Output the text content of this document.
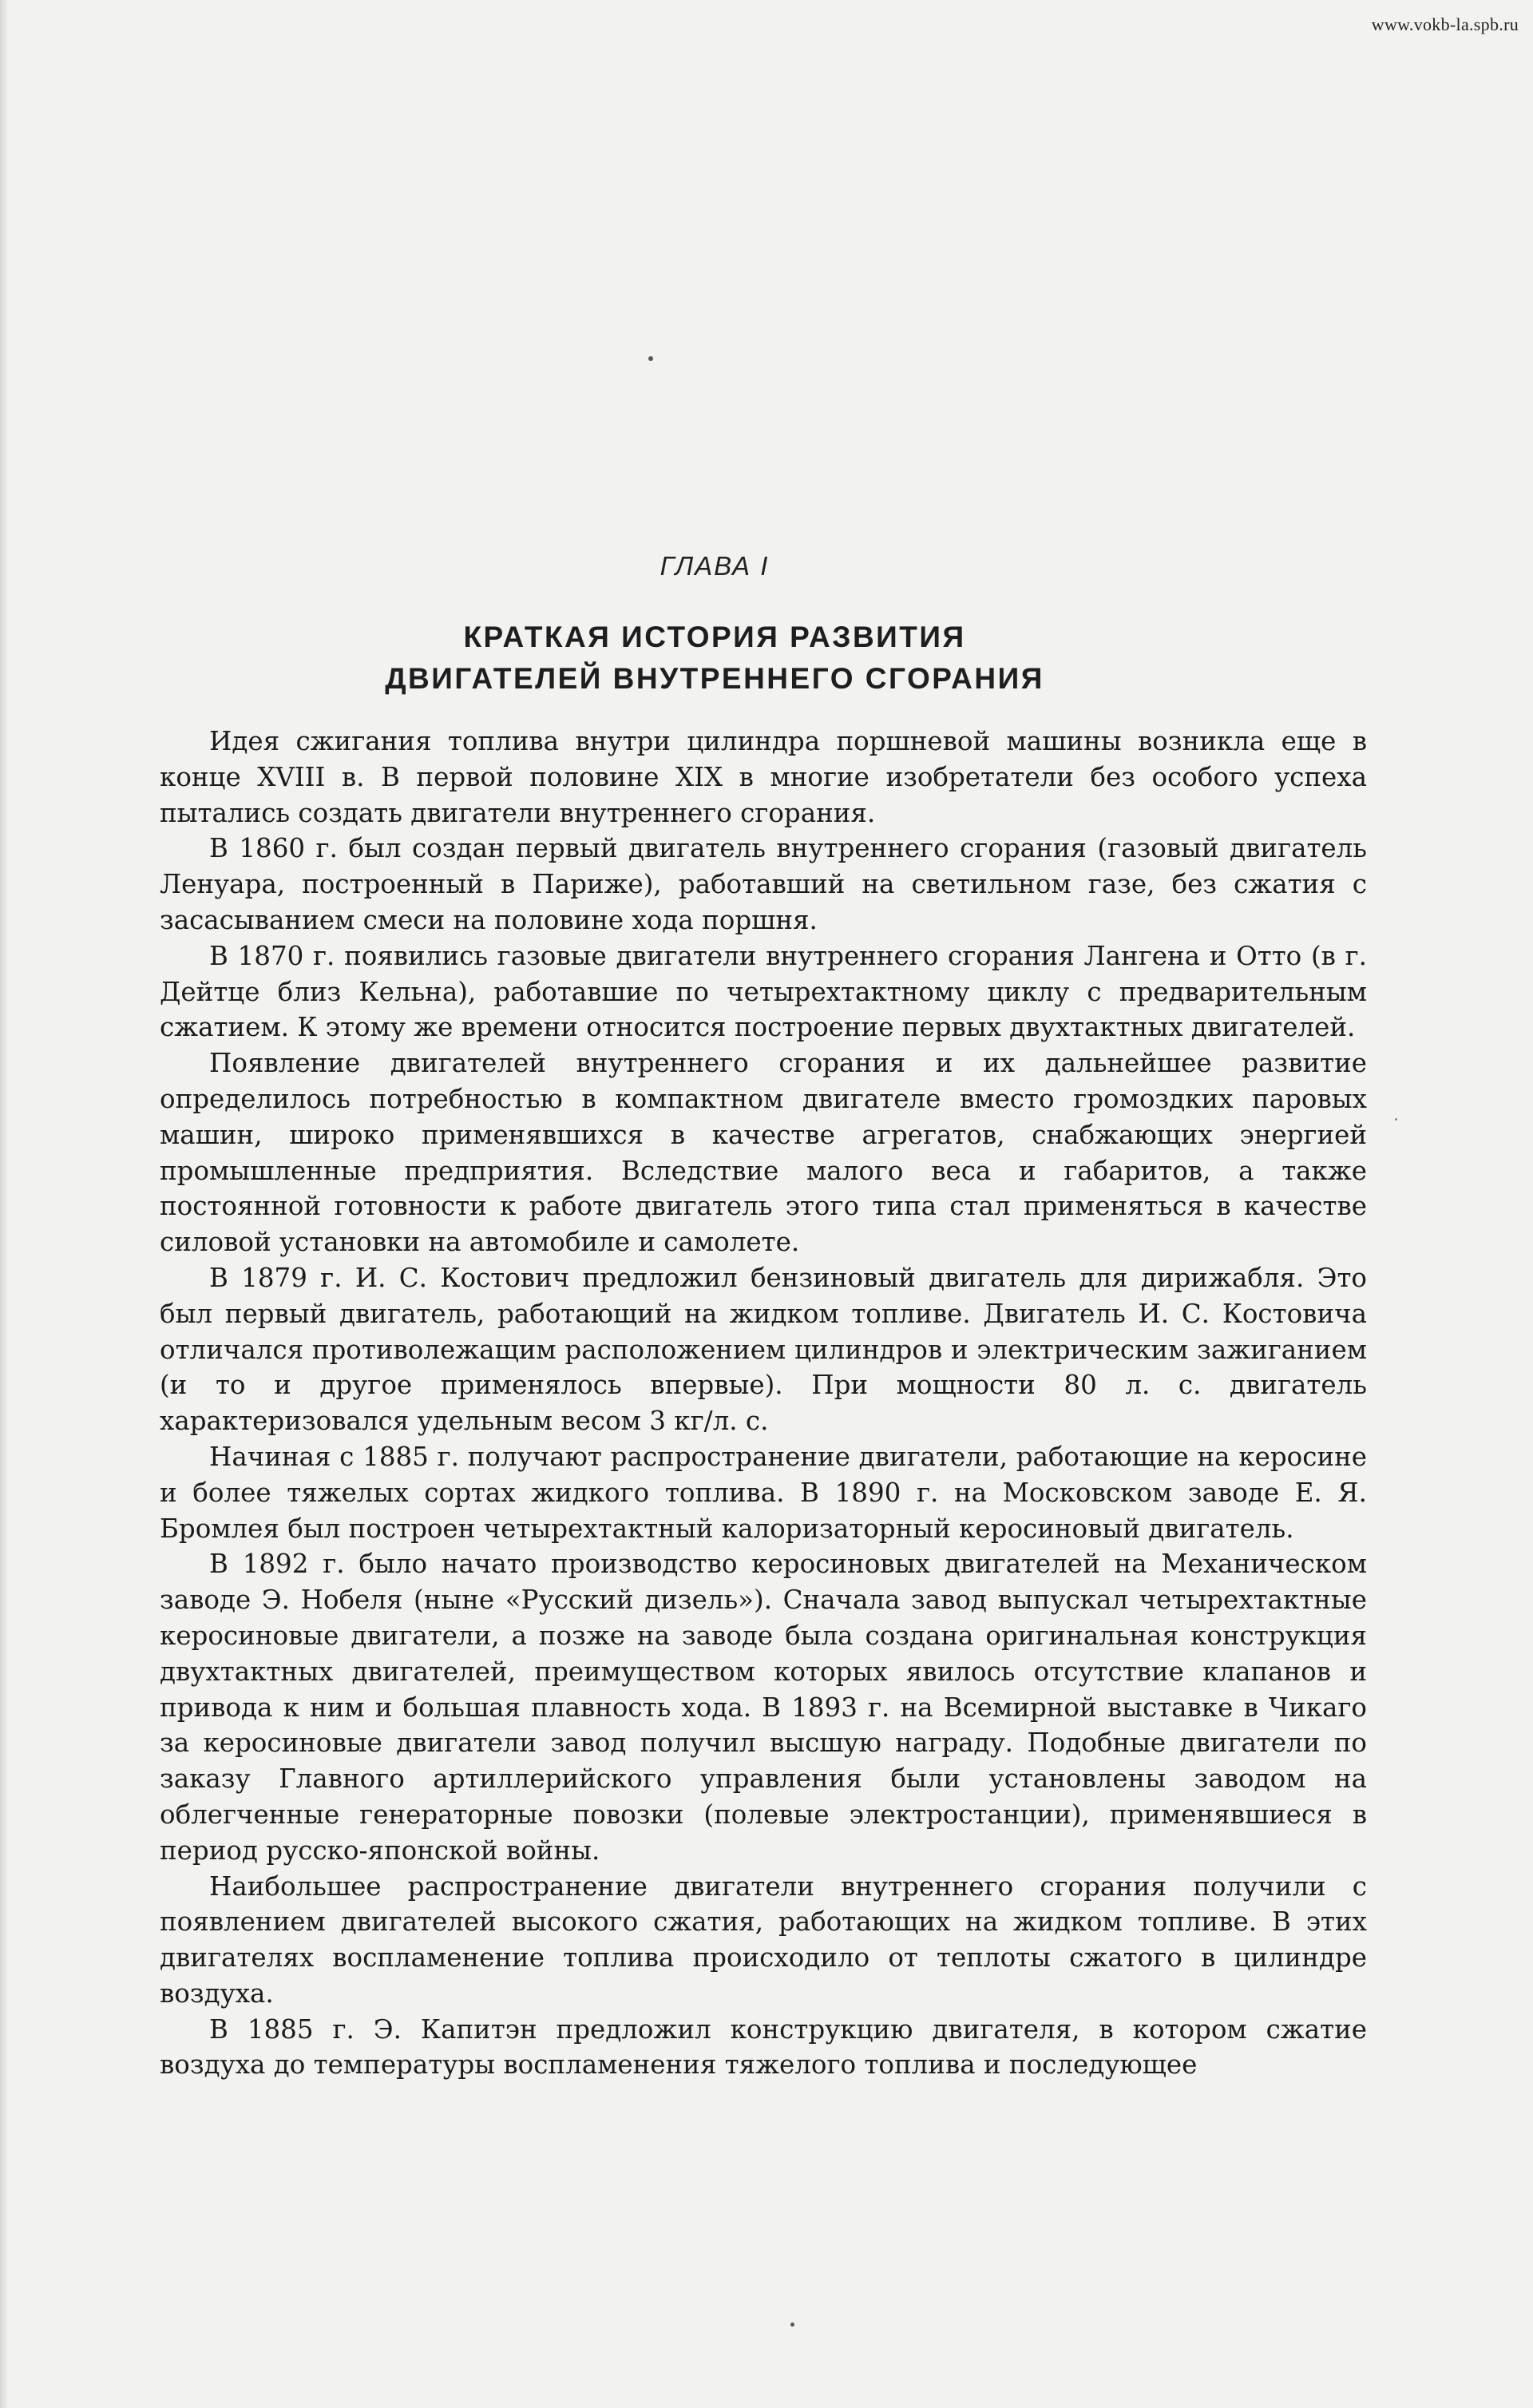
www.vokb-la.spb.ru
ГЛАВА I
КРАТКАЯ ИСТОРИЯ РАЗВИТИЯ
ДВИГАТЕЛЕЙ ВНУТРЕННЕГО СГОРАНИЯ

Идея сжигания топлива внутри цилиндра поршневой машины возникла еще в конце XVIII в. В первой половине XIX в многие изобретатели без особого успеха пытались создать двигатели внутреннего сгорания.

В 1860 г. был создан первый двигатель внутреннего сгорания (газовый двигатель Ленуара, построенный в Париже), работавший на светильном газе, без сжатия с засасыванием смеси на половине хода поршня.

В 1870 г. появились газовые двигатели внутреннего сгорания Лангена и Отто (в г. Дейтце близ Кельна), работавшие по четырехтактному циклу с предварительным сжатием. К этому же времени относится построение первых двухтактных двигателей.

Появление двигателей внутреннего сгорания и их дальнейшее развитие определилось потребностью в компактном двигателе вместо громоздких паровых машин, широко применявшихся в качестве агрегатов, снабжающих энергией промышленные предприятия. Вследствие малого веса и габаритов, а также постоянной готовности к работе двигатель этого типа стал применяться в качестве силовой установки на автомобиле и самолете.

В 1879 г. И. С. Костович предложил бензиновый двигатель для дирижабля. Это был первый двигатель, работающий на жидком топливе. Двигатель И. С. Костовича отличался противолежащим расположением цилиндров и электрическим зажиганием (и то и другое применялось впервые). При мощности 80 л. с. двигатель характеризовался удельным весом 3 кг/л. с.

Начиная с 1885 г. получают распространение двигатели, работающие на керосине и более тяжелых сортах жидкого топлива. В 1890 г. на Московском заводе Е. Я. Бромлея был построен четырехтактный калоризаторный керосиновый двигатель.

В 1892 г. было начато производство керосиновых двигателей на Механическом заводе Э. Нобеля (ныне «Русский дизель»). Сначала завод выпускал четырехтактные керосиновые двигатели, а позже на заводе была создана оригинальная конструкция двухтактных двигателей, преимуществом которых явилось отсутствие клапанов и привода к ним и большая плавность хода. В 1893 г. на Всемирной выставке в Чикаго за керосиновые двигатели завод получил высшую награду. Подобные двигатели по заказу Главного артиллерийского управления были установлены заводом на облегченные генераторные повозки (полевые электростанции), применявшиеся в период русско-японской войны.

Наибольшее распространение двигатели внутреннего сгорания получили с появлением двигателей высокого сжатия, работающих на жидком топливе. В этих двигателях воспламенение топлива происходило от теплоты сжатого в цилиндре воздуха.

В 1885 г. Э. Капитэн предложил конструкцию двигателя, в котором сжатие воздуха до температуры воспламенения тяжелого топлива и последующее
